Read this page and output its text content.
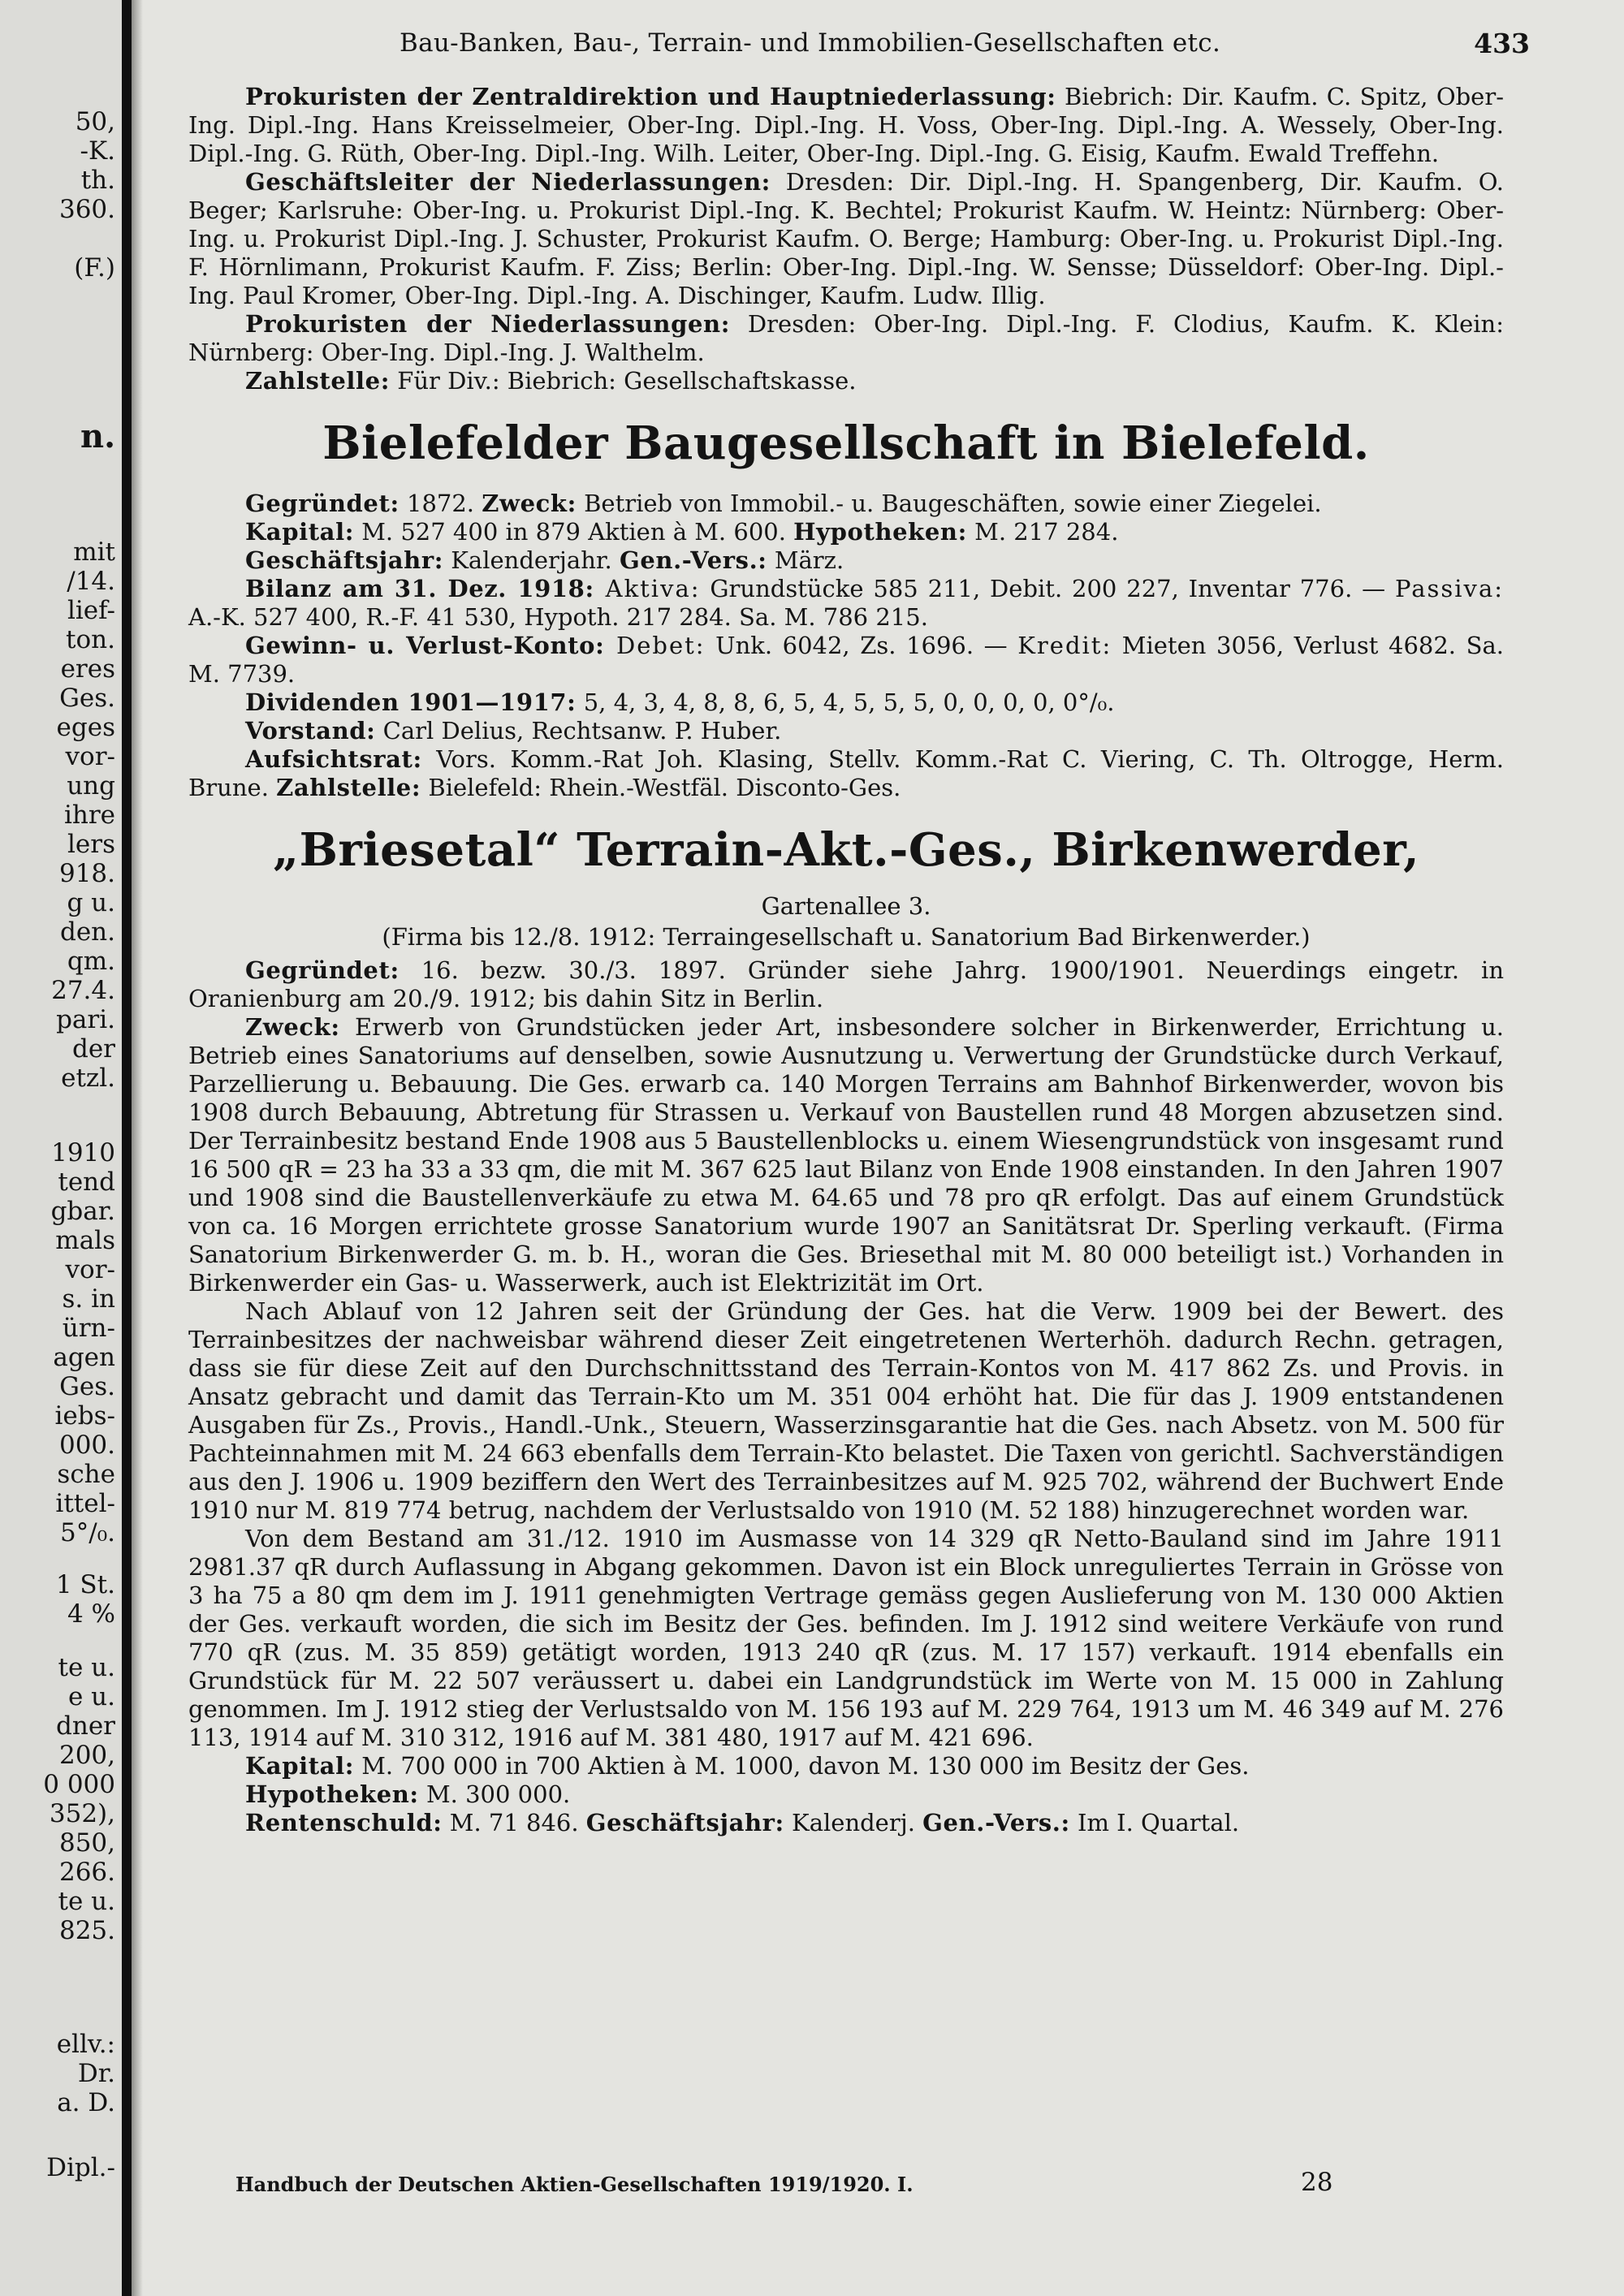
50,
-K.
th.
360.
(F.)
n.
mit
/14.
lief-
ton.
eres
Ges.
eges
vor-
ung
ihre
lers
918.
g u.
den.
qm.
27.4.
pari.
der
etzl.
1910
tend
gbar.
mals
vor-
s. in
ürn-
agen
Ges.
iebs-
000.
sche
ittel-
5°/₀.
1 St.
4 %
te u.
e u.
dner
200,
0 000
352),
850,
266.
te u.
825.
ellv.:
Dr.
a. D.
Dipl.-
Bau-Banken, Bau-, Terrain- und Immobilien-Gesellschaften etc.	433

Prokuristen der Zentraldirektion und Hauptniederlassung: Biebrich: Dir. Kaufm. C. Spitz, Ober-Ing. Dipl.-Ing. Hans Kreisselmeier, Ober-Ing. Dipl.-Ing. H. Voss, Ober-Ing. Dipl.-Ing. A. Wessely, Ober-Ing. Dipl.-Ing. G. Rüth, Ober-Ing. Dipl.-Ing. Wilh. Leiter, Ober-Ing. Dipl.-Ing. G. Eisig, Kaufm. Ewald Treffehn.

Geschäftsleiter der Niederlassungen: Dresden: Dir. Dipl.-Ing. H. Spangenberg, Dir. Kaufm. O. Beger; Karlsruhe: Ober-Ing. u. Prokurist Dipl.-Ing. K. Bechtel; Prokurist Kaufm. W. Heintz: Nürnberg: Ober-Ing. u. Prokurist Dipl.-Ing. J. Schuster, Prokurist Kaufm. O. Berge; Hamburg: Ober-Ing. u. Prokurist Dipl.-Ing. F. Hörnlimann, Prokurist Kaufm. F. Ziss; Berlin: Ober-Ing. Dipl.-Ing. W. Sensse; Düsseldorf: Ober-Ing. Dipl.-Ing. Paul Kromer, Ober-Ing. Dipl.-Ing. A. Dischinger, Kaufm. Ludw. Illig.

Prokuristen der Niederlassungen: Dresden: Ober-Ing. Dipl.-Ing. F. Clodius, Kaufm. K. Klein: Nürnberg: Ober-Ing. Dipl.-Ing. J. Walthelm.

Zahlstelle: Für Div.: Biebrich: Gesellschaftskasse.

Bielefelder Baugesellschaft in Bielefeld.

Gegründet: 1872. Zweck: Betrieb von Immobil.- u. Baugeschäften, sowie einer Ziegelei.

Kapital: M. 527 400 in 879 Aktien à M. 600. Hypotheken: M. 217 284.

Geschäftsjahr: Kalenderjahr. Gen.-Vers.: März.

Bilanz am 31. Dez. 1918: Aktiva: Grundstücke 585 211, Debit. 200 227, Inventar 776. — Passiva: A.-K. 527 400, R.-F. 41 530, Hypoth. 217 284. Sa. M. 786 215.

Gewinn- u. Verlust-Konto: Debet: Unk. 6042, Zs. 1696. — Kredit: Mieten 3056, Verlust 4682. Sa. M. 7739.

Dividenden 1901—1917: 5, 4, 3, 4, 8, 8, 6, 5, 4, 5, 5, 5, 0, 0, 0, 0, 0°/₀.

Vorstand: Carl Delius, Rechtsanw. P. Huber.

Aufsichtsrat: Vors. Komm.-Rat Joh. Klasing, Stellv. Komm.-Rat C. Viering, C. Th. Oltrogge, Herm. Brune. Zahlstelle: Bielefeld: Rhein.-Westfäl. Disconto-Ges.

„Briesetal“ Terrain-Akt.-Ges., Birkenwerder,

Gartenallee 3.

(Firma bis 12./8. 1912: Terraingesellschaft u. Sanatorium Bad Birkenwerder.)

Gegründet: 16. bezw. 30./3. 1897. Gründer siehe Jahrg. 1900/1901. Neuerdings eingetr. in Oranienburg am 20./9. 1912; bis dahin Sitz in Berlin.

Zweck: Erwerb von Grundstücken jeder Art, insbesondere solcher in Birkenwerder, Errichtung u. Betrieb eines Sanatoriums auf denselben, sowie Ausnutzung u. Verwertung der Grundstücke durch Verkauf, Parzellierung u. Bebauung. Die Ges. erwarb ca. 140 Morgen Terrains am Bahnhof Birkenwerder, wovon bis 1908 durch Bebauung, Abtretung für Strassen u. Verkauf von Baustellen rund 48 Morgen abzusetzen sind. Der Terrainbesitz bestand Ende 1908 aus 5 Baustellenblocks u. einem Wiesengrundstück von insgesamt rund 16 500 qR = 23 ha 33 a 33 qm, die mit M. 367 625 laut Bilanz von Ende 1908 einstanden. In den Jahren 1907 und 1908 sind die Baustellenverkäufe zu etwa M. 64.65 und 78 pro qR erfolgt. Das auf einem Grundstück von ca. 16 Morgen errichtete grosse Sanatorium wurde 1907 an Sanitätsrat Dr. Sperling verkauft. (Firma Sanatorium Birkenwerder G. m. b. H., woran die Ges. Briesethal mit M. 80 000 beteiligt ist.) Vorhanden in Birkenwerder ein Gas- u. Wasserwerk, auch ist Elektrizität im Ort.

Nach Ablauf von 12 Jahren seit der Gründung der Ges. hat die Verw. 1909 bei der Bewert. des Terrainbesitzes der nachweisbar während dieser Zeit eingetretenen Werterhöh. dadurch Rechn. getragen, dass sie für diese Zeit auf den Durchschnittsstand des Terrain-Kontos von M. 417 862 Zs. und Provis. in Ansatz gebracht und damit das Terrain-Kto um M. 351 004 erhöht hat. Die für das J. 1909 entstandenen Ausgaben für Zs., Provis., Handl.-Unk., Steuern, Wasserzinsgarantie hat die Ges. nach Absetz. von M. 500 für Pachteinnahmen mit M. 24 663 ebenfalls dem Terrain-Kto belastet. Die Taxen von gerichtl. Sachverständigen aus den J. 1906 u. 1909 beziffern den Wert des Terrainbesitzes auf M. 925 702, während der Buchwert Ende 1910 nur M. 819 774 betrug, nachdem der Verlustsaldo von 1910 (M. 52 188) hinzugerechnet worden war.

Von dem Bestand am 31./12. 1910 im Ausmasse von 14 329 qR Netto-Bauland sind im Jahre 1911 2981.37 qR durch Auflassung in Abgang gekommen. Davon ist ein Block unreguliertes Terrain in Grösse von 3 ha 75 a 80 qm dem im J. 1911 genehmigten Vertrage gemäss gegen Auslieferung von M. 130 000 Aktien der Ges. verkauft worden, die sich im Besitz der Ges. befinden. Im J. 1912 sind weitere Verkäufe von rund 770 qR (zus. M. 35 859) getätigt worden, 1913 240 qR (zus. M. 17 157) verkauft. 1914 ebenfalls ein Grundstück für M. 22 507 veräussert u. dabei ein Landgrundstück im Werte von M. 15 000 in Zahlung genommen. Im J. 1912 stieg der Verlustsaldo von M. 156 193 auf M. 229 764, 1913 um M. 46 349 auf M. 276 113, 1914 auf M. 310 312, 1916 auf M. 381 480, 1917 auf M. 421 696.

Kapital: M. 700 000 in 700 Aktien à M. 1000, davon M. 130 000 im Besitz der Ges.

Hypotheken: M. 300 000.

Rentenschuld: M. 71 846. Geschäftsjahr: Kalenderj. Gen.-Vers.: Im I. Quartal.

Handbuch der Deutschen Aktien-Gesellschaften 1919/1920. I.	28
